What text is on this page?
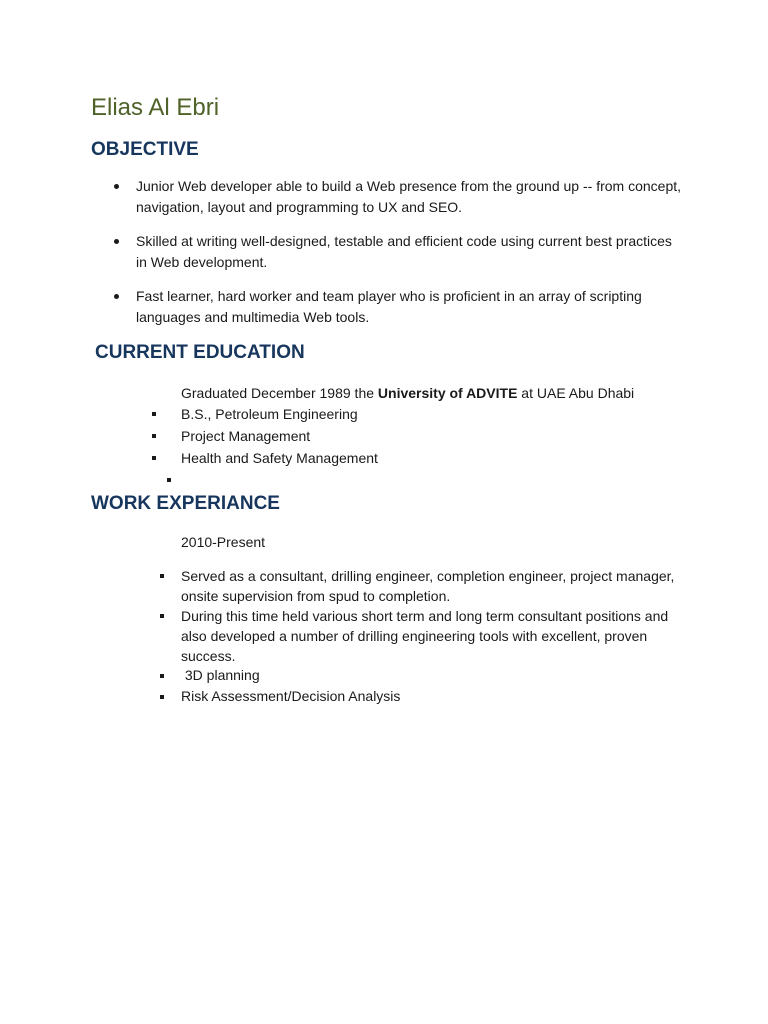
Elias Al Ebri
OBJECTIVE
Junior Web developer able to build a Web presence from the ground up -- from concept, navigation, layout and programming to UX and SEO.
Skilled at writing well-designed, testable and efficient code using current best practices in Web development.
Fast learner, hard worker and team player who is proficient in an array of scripting languages and multimedia Web tools.
CURRENT EDUCATION
Graduated December 1989 the University of ADVITE at UAE Abu Dhabi
B.S., Petroleum Engineering
Project Management
Health and Safety Management
WORK EXPERIANCE
2010-Present
Served as a consultant, drilling engineer, completion engineer, project manager, onsite supervision from spud to completion.
During this time held various short term and long term consultant positions and also developed a number of drilling engineering tools with excellent, proven success.
3D planning
Risk Assessment/Decision Analysis
